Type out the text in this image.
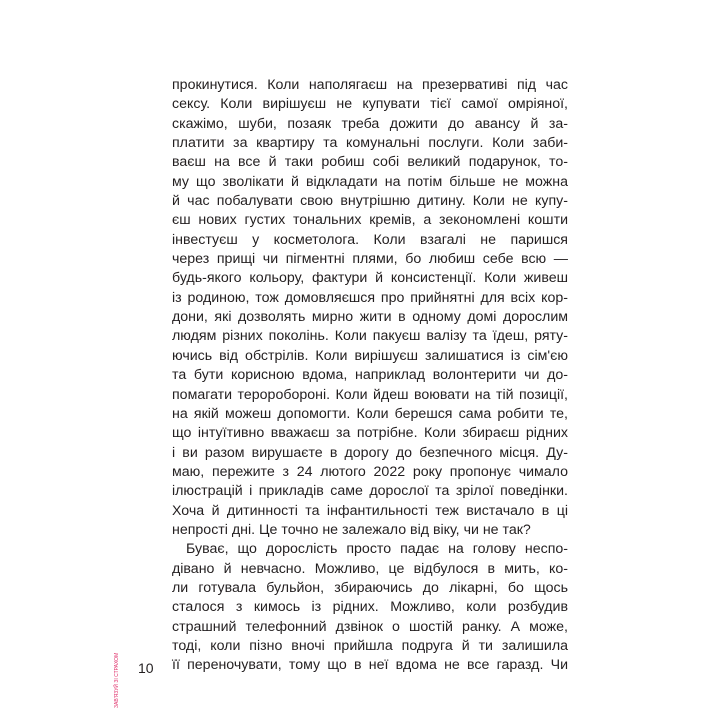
ЗАВ'ЯЗУЙ ЗІ СТРАХОМ
прокинутися. Коли наполягаєш на презервативі під час
сексу. Коли вирішуєш не купувати тієї самої омріяної,
скажімо, шуби, позаяк треба дожити до авансу й за-
платити за квартиру та комунальні послуги. Коли заби-
ваєш на все й таки робиш собі великий подарунок, то-
му що зволікати й відкладати на потім більше не можна
й час побалувати свою внутрішню дитину. Коли не купу-
єш нових густих тональних кремів, а зекономлені кошти
інвестуєш у косметолога. Коли взагалі не паришся
через прищі чи пігментні плями, бо любиш себе всю —
будь-якого кольору, фактури й консистенції. Коли живеш
із родиною, тож домовляєшся про прийнятні для всіх кор-
дони, які дозволять мирно жити в одному домі дорослим
людям різних поколінь. Коли пакуєш валізу та їдеш, ряту-
ючись від обстрілів. Коли вирішуєш залишатися із сім'єю
та бути корисною вдома, наприклад волонтерити чи до-
помагати тероробороні. Коли йдеш воювати на тій позиції,
на якій можеш допомогти. Коли берешся сама робити те,
що інтуїтивно вважаєш за потрібне. Коли збираєш рідних
і ви разом вирушаєте в дорогу до безпечного місця. Ду-
маю, пережите з 24 лютого 2022 року пропонує чимало
ілюстрацій і прикладів саме дорослої та зрілої поведінки.
Хоча й дитинності та інфантильності теж вистачало в ці
непрості дні. Це точно не залежало від віку, чи не так?
Буває, що дорослість просто падає на голову неспо-
дівано й невчасно. Можливо, це відбулося в мить, ко-
ли готувала бульйон, збираючись до лікарні, бо щось
сталося з кимось із рідних. Можливо, коли розбудив
страшний телефонний дзвінок о шостій ранку. А може,
тоді, коли пізно вночі прийшла подруга й ти залишила
її переночувати, тому що в неї вдома не все гаразд. Чи
10
